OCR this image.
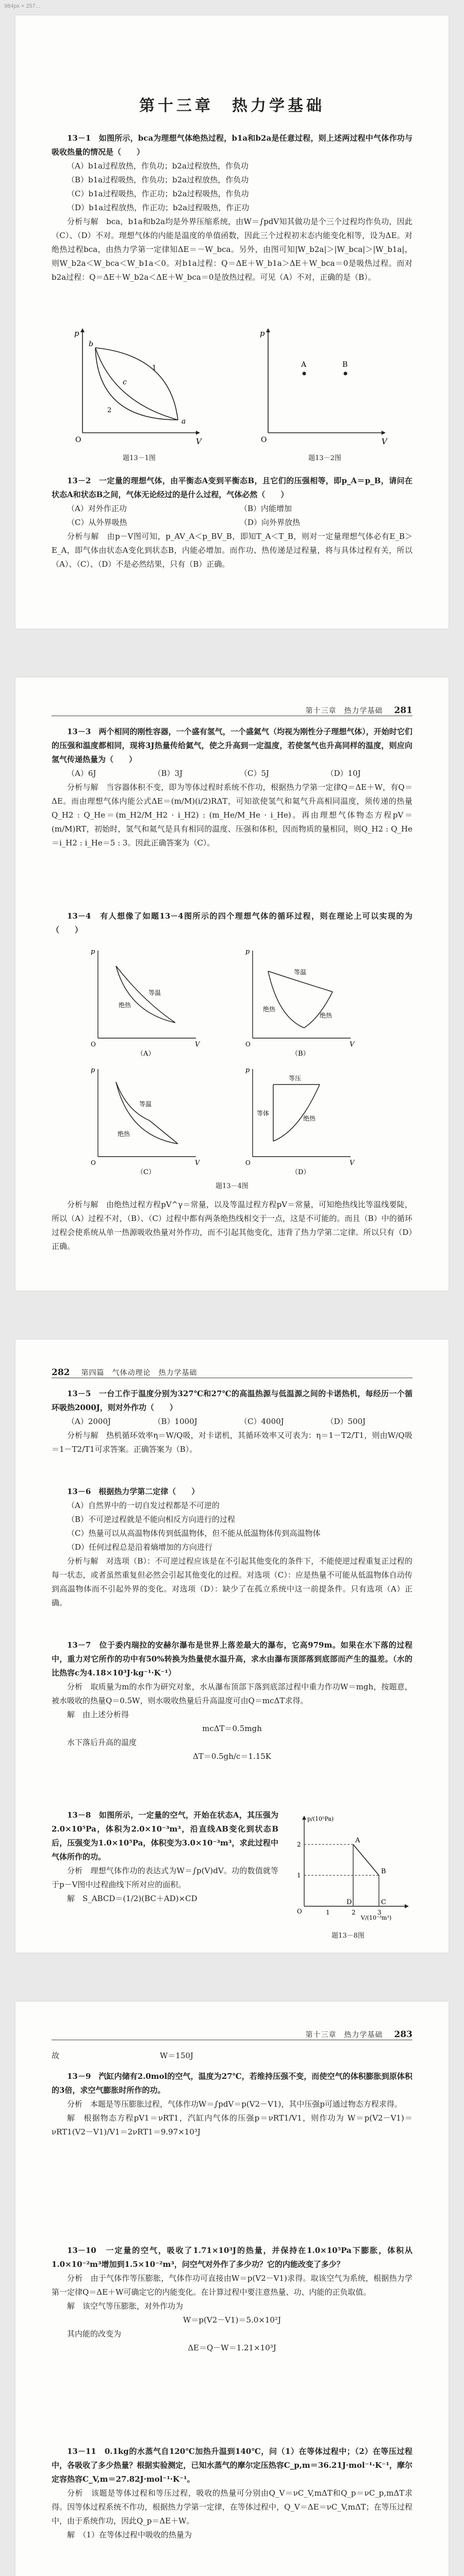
984px × 257...
第十三章　热力学基础

13－1　如图所示，bca为理想气体绝热过程，b1a和b2a是任意过程，则上述两过程中气体作功与吸收热量的情况是（　　）

（A）b1a过程放热，作负功；b2a过程放热，作负功
（B）b1a过程吸热，作负功；b2a过程放热，作负功
（C）b1a过程吸热，作正功；b2a过程吸热，作负功
（D）b1a过程放热，作正功；b2a过程吸热，作正功

分析与解　bca，b1a和b2a均是外界压缩系统，由W＝∫pdV知其做功是个三个过程均作负功，因此（C）、（D）不对。理想气体的内能是温度的单值函数，因此三个过程初末态内能变化相等，设为ΔE。对绝热过程bca，由热力学第一定律知ΔE＝－W_bca。另外，由图可知|W_b2a|＞|W_bca|＞|W_b1a|，则W_b2a＜W_bca＜W_b1a＜0。对b1a过程：Q＝ΔE＋W_b1a＞ΔE＋W_bca＝0是吸热过程。而对b2a过程：Q＝ΔE＋W_b2a＜ΔE＋W_bca＝0是放热过程。可见（A）不对，正确的是（B）。

p
V
O
a
b
c
1
2
题13－1图
p
V
O
A	B
题13－2图

13－2　一定量的理想气体，由平衡态A变到平衡态B，且它们的压强相等，即p_A＝p_B，请问在状态A和状态B之间，气体无论经过的是什么过程，气体必然（　　）

（A）对外作正功	（B）内能增加
（C）从外界吸热	（D）向外界放热

分析与解　由p－V图可知，p_AV_A＜p_BV_B，即知T_A＜T_B，则对一定量理想气体必有E_B＞E_A，即气体由状态A变化到状态B，内能必增加。而作功、热传递是过程量，将与具体过程有关，所以（A）、（C）、（D）不是必然结果，只有（B）正确。

第十三章　热力学基础	281

13－3　两个相同的刚性容器，一个盛有氢气，一个盛氦气（均视为刚性分子理想气体），开始时它们的压强和温度都相同，现将3J热量传给氦气，使之升高到一定温度，若使氢气也升高同样的温度，则应向氢气传递热量为（　　）

（A）6J	（B）3J	（C）5J	（D）10J

分析与解　当容器体积不变，即为等体过程时系统不作功，根据热力学第一定律Q＝ΔE＋W，有Q＝ΔE。而由理想气体内能公式ΔE＝(m/M)(i/2)RΔT，可知欲使氢气和氦气升高相同温度，须传递的热量Q_H2 : Q_He＝(m_H2/M_H2 · i_H2) : (m_He/M_He · i_He)。再由理想气体物态方程pV＝(m/M)RT，初始时，氢气和氦气是具有相同的温度、压强和体积，因而物质的量相同，则Q_H2 : Q_He＝i_H2 : i_He＝5 : 3。因此正确答案为（C）。

13－4　有人想像了如题13－4图所示的四个理想气体的循环过程，则在理论上可以实现的为（　　）

p
V
O
绝热
等温
（A）
p
V
O
等温
绝热
绝热
（B）
p
V
O
绝热
等温
（C）
p
V
O
等压
等体
绝热
（D）
题13－4图

分析与解　由绝热过程方程pV^γ＝常量，以及等温过程方程pV＝常量，可知绝热线比等温线要陡，所以（A）过程不对，（B）、（C）过程中都有两条绝热线相交于一点，这是不可能的。而且（B）中的循环过程会使系统从单一热源吸收热量对外作功，而不引起其他变化，违背了热力学第二定律。所以只有（D）正确。

282	第四篇　气体动理论　热力学基础

13－5　一台工作于温度分别为327℃和27℃的高温热源与低温源之间的卡诺热机，每经历一个循环吸热2000J，则对外作功（　　）

（A）2000J	（B）1000J	（C）4000J	（D）500J

分析与解　热机循环效率η＝W/Q吸，对卡诺机，其循环效率又可表为：η＝1－T2/T1，则由W/Q吸＝1－T2/T1可求答案。正确答案为（B）。

13－6　根据热力学第二定律（　　）

（A）自然界中的一切自发过程都是不可逆的
（B）不可逆过程就是不能向相反方向进行的过程
（C）热量可以从高温物体传到低温物体，但不能从低温物体传到高温物体
（D）任何过程总是沿着熵增加的方向进行

分析与解　对选项（B）：不可逆过程应该是在不引起其他变化的条件下，不能使逆过程重复正过程的每一状态，或者虽然重复但必然会引起其他变化的过程。对选项（C）：应是热量不可能从低温物体自动传到高温物体而不引起外界的变化。对选项（D）：缺少了在孤立系统中这一前提条件。只有选项（A）正确。

13－7　位于委内瑞拉的安赫尔瀑布是世界上落差最大的瀑布，它高979m。如果在水下落的过程中，重力对它所作的功中有50%转换为热量使水温升高，求水由瀑布顶部落到底部而产生的温差。（水的比热容c为4.18×10³J·kg⁻¹·K⁻¹）

分析　取质量为m的水作为研究对象，水从瀑布顶部下落到底部过程中重力作功W＝mgh，按题意，被水吸收的热量Q＝0.5W，则水吸收热量后升高温度可由Q＝mcΔT求得。

解　由上述分析得

mcΔT＝0.5mgh

水下落后升高的温度

ΔT＝0.5gh/c＝1.15K

13－8　如图所示，一定量的空气，开始在状态A，其压强为2.0×10⁵Pa，体积为2.0×10⁻³m³，沿直线AB变化到状态B后，压强变为1.0×10⁵Pa，体积变为3.0×10⁻³m³，求此过程中气体所作的功。

分析　理想气体作功的表达式为W＝∫p(V)dV。功的数值就等于p－V图中过程曲线下所对应的面积。

解　S_ABCD＝(1/2)(BC＋AD)×CD

p/(10⁵Pa)
V/(10⁻³m³)
O
1
2
1	2	3
A
B
C
D
题13－8图
第十三章　热力学基础	283
故　　　　　　　　　　　　　W＝150J

13－9　汽缸内储有2.0mol的空气，温度为27℃，若维持压强不变，而使空气的体积膨胀到原体积的3倍，求空气膨胀时所作的功。

分析　本题是等压膨胀过程，气体作功W＝∫pdV＝p(V2－V1)，其中压强p可通过物态方程求得。

解　根据物态方程pV1＝νRT1，汽缸内气体的压强p＝νRT1/V1，则作功为 W＝p(V2－V1)＝νRT1(V2－V1)/V1＝2νRT1＝9.97×10³J

13－10　一定量的空气，吸收了1.71×10³J的热量，并保持在1.0×10⁵Pa下膨胀，体积从1.0×10⁻²m³增加到1.5×10⁻²m³，问空气对外作了多少功？它的内能改变了多少？

分析　由于气体作等压膨胀，气体作功可直接由W＝p(V2－V1)求得。取该空气为系统，根据热力学第一定律Q＝ΔE＋W可确定它的内能变化。在计算过程中要注意热量、功、内能的正负取值。

解　该空气等压膨胀，对外作功为

W＝p(V2－V1)＝5.0×10²J

其内能的改变为

ΔE＝Q－W＝1.21×10³J

13－11　0.1kg的水蒸气自120℃加热升温到140℃，问（1）在等体过程中；（2）在等压过程中，各吸收了多少热量？根据实验测定，已知水蒸气的摩尔定压热容C_p,m＝36.21J·mol⁻¹·K⁻¹，摩尔定容热容C_V,m＝27.82J·mol⁻¹·K⁻¹。

分析　该题是等体过程和等压过程，吸收的热量可分别由Q_V＝νC_V,mΔT和Q_p＝νC_p,mΔT求得。因等体过程系统不作功，根据热力学第一定律，在等体过程中，Q_V＝ΔE＝νC_V,mΔT；在等压过程中，由于系统作功，因此Q_p＝ΔE＋W。

解　（1）在等体过程中吸收的热量为
